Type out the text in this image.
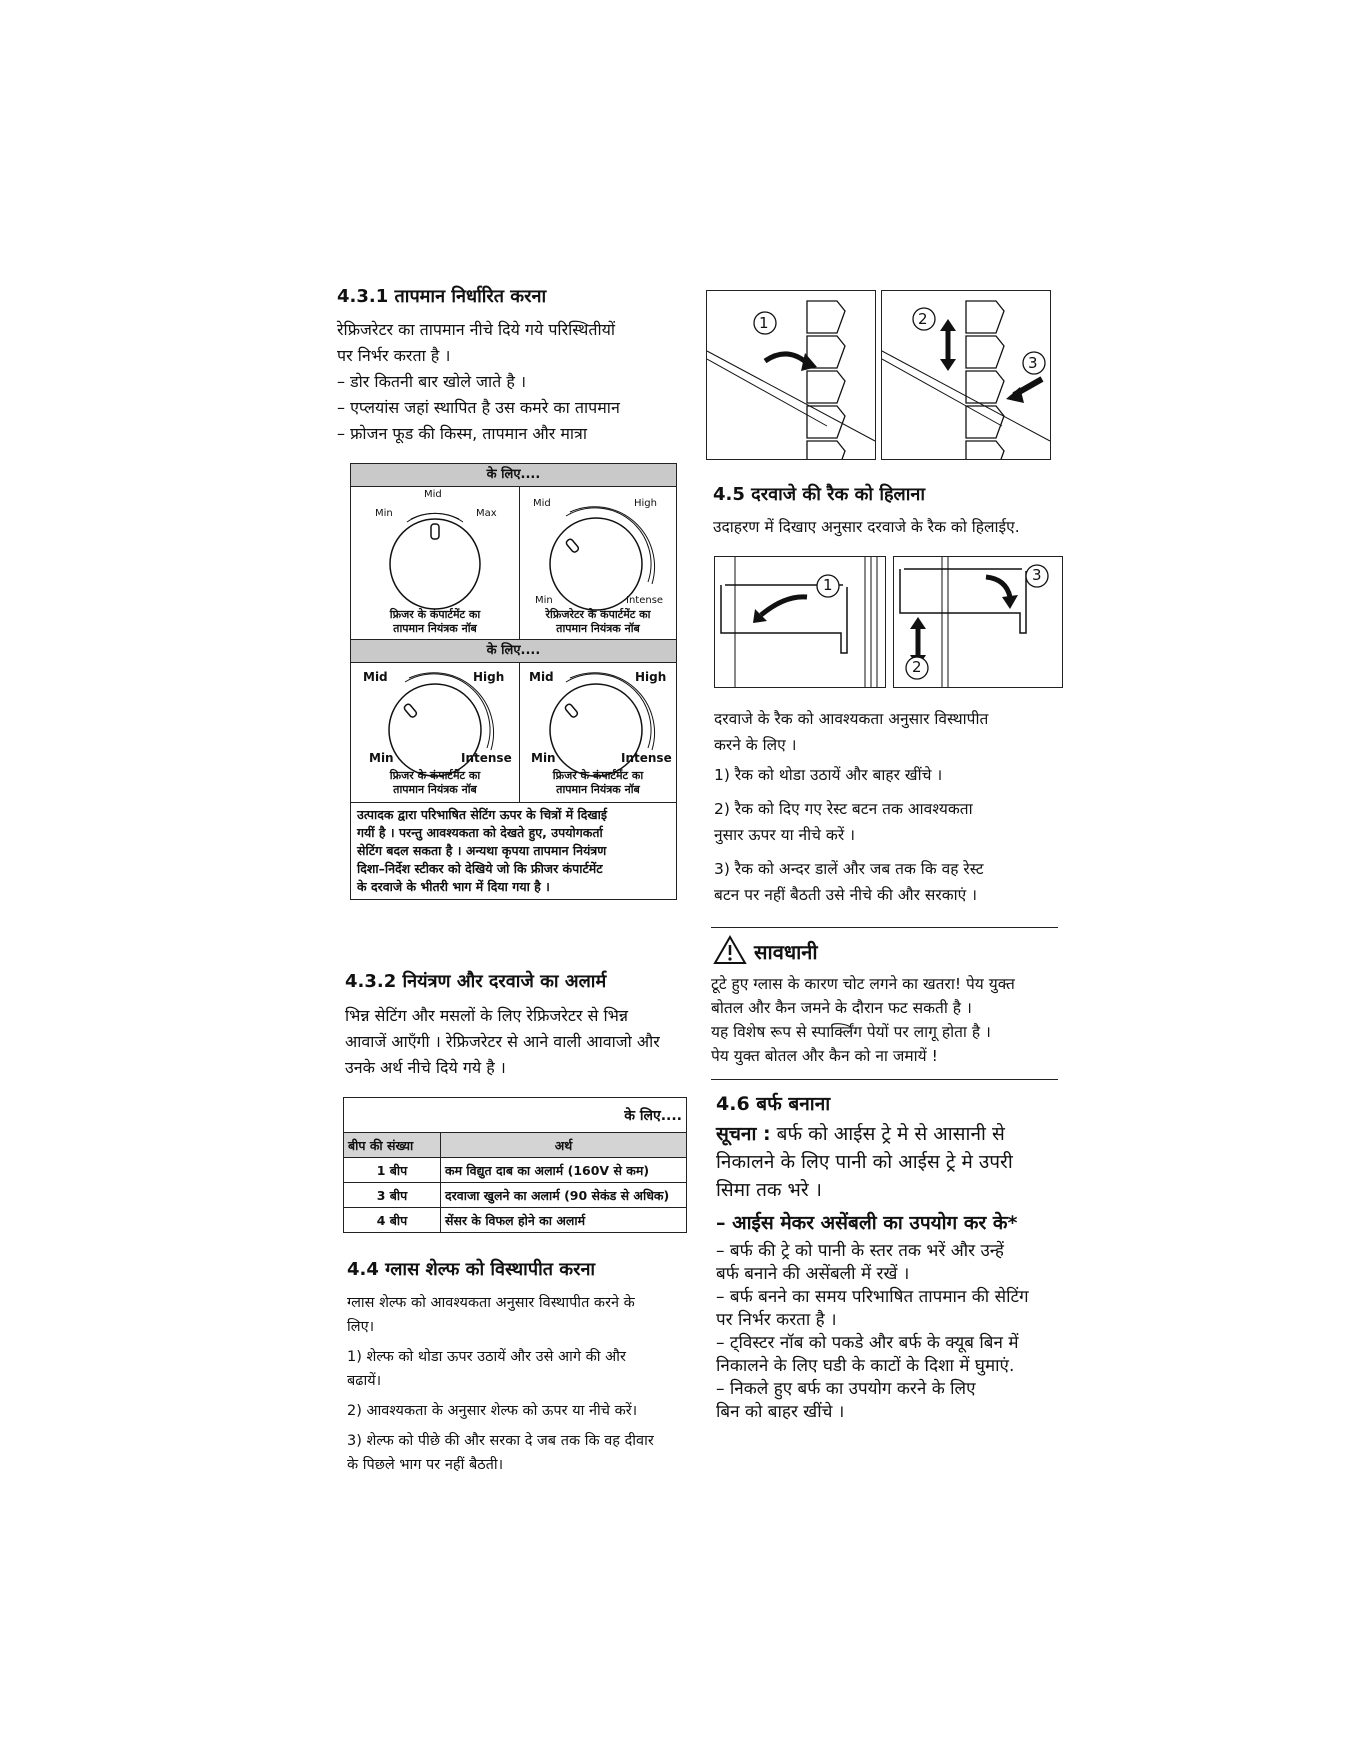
4.3.1 तापमान निर्धारित करना
रेफ्रिजरेटर का तापमान नीचे दिये गये परिस्थितीयों
पर निर्भर करता है ।
– डोर कितनी बार खोले जाते है ।
– एप्लयांस जहां स्थापित है उस कमरे का तापमान
– फ्रोजन फूड की किस्म, तापमान और मात्रा
के लिए....
के लिए....
Mid
Min	Max
फ्रिजर के कंपार्टमेंट का
तापमान नियंत्रक नॉब
Mid	High
Min	Intense
रेफ्रिजरेटर के कंपार्टमेंट का
तापमान नियंत्रक नॉब
Mid	High
Min	Intense
फ्रिजर के कंपार्टमेंट का
तापमान नियंत्रक नॉब
Mid	High
Min	Intense
फ्रिजर के कंपार्टमेंट का
तापमान नियंत्रक नॉब
उत्पादक द्वारा परिभाषित सेटिंग ऊपर के चित्रों में दिखाई
गयीं है । परन्तु आवश्यकता को देखते हुए, उपयोगकर्ता
सेटिंग बदल सकता है । अन्यथा कृपया तापमान नियंत्रण
दिशा–निर्देश स्टीकर को देखिये जो कि फ्रीजर कंपार्टमेंट
के दरवाजे के भीतरी भाग में दिया गया है ।
4.3.2 नियंत्रण और दरवाजे का अलार्म
भिन्न सेटिंग और मसलों के लिए रेफ्रिजरेटर से भिन्न
आवाजें आएँगी । रेफ्रिजरेटर से आने वाली आवाजो और
उनके अर्थ नीचे दिये गये है ।
के लिए....	
बीप की संख्या	अर्थ
1 बीप	कम विद्युत दाब का अलार्म (160V से कम)
3 बीप	दरवाजा खुलने का अलार्म (90 सेकंड से अधिक)
4 बीप	सेंसर के विफल होने का अलार्म
4.4 ग्लास शेल्फ को विस्थापीत करना
ग्लास शेल्फ को आवश्यकता अनुसार विस्थापीत करने के
लिए।
1) शेल्फ को थोडा ऊपर उठायें और उसे आगे की और
बढायें।
2) आवश्यकता के अनुसार शेल्फ को ऊपर या नीचे करें।
3) शेल्फ को पीछे की और सरका दे जब तक कि वह दीवार
के पिछले भाग पर नहीं बैठती।
1	2
3
4.5 दरवाजे की रैक को हिलाना
उदाहरण में दिखाए अनुसार दरवाजे के रैक को हिलाईए.
1
3
2
दरवाजे के रैक को आवश्यकता अनुसार विस्थापीत
करने के लिए ।
1) रैक को थोडा उठायें और बाहर खींचे ।
2) रैक को दिए गए रेस्ट बटन तक आवश्यकता
नुसार ऊपर या नीचे करें ।
3) रैक को अन्दर डालें और जब तक कि वह रेस्ट
बटन पर नहीं बैठती उसे नीचे की और सरकाएं ।
सावधानी
टूटे हुए ग्लास के कारण चोट लगने का खतरा! पेय युक्त
बोतल और कैन जमने के दौरान फट सकती है ।
यह विशेष रूप से स्पार्क्लिंग पेयों पर लागू होता है ।
पेय युक्त बोतल और कैन को ना जमायें !
4.6 बर्फ बनाना
सूचना : बर्फ को आईस ट्रे मे से आसानी से
निकालने के लिए पानी को आईस ट्रे मे उपरी
सिमा तक भरे ।
– आईस मेकर असेंबली का उपयोग कर के*
– बर्फ की ट्रे को पानी के स्तर तक भरें और उन्हें
बर्फ बनाने की असेंबली में रखें ।
– बर्फ बनने का समय परिभाषित तापमान की सेटिंग
पर निर्भर करता है ।
– ट्विस्टर नॉब को पकडे और बर्फ के क्यूब बिन में
निकालने के लिए घडी के काटों के दिशा में घुमाएं.
– निकले हुए बर्फ का उपयोग करने के लिए
बिन को बाहर खींचे ।
